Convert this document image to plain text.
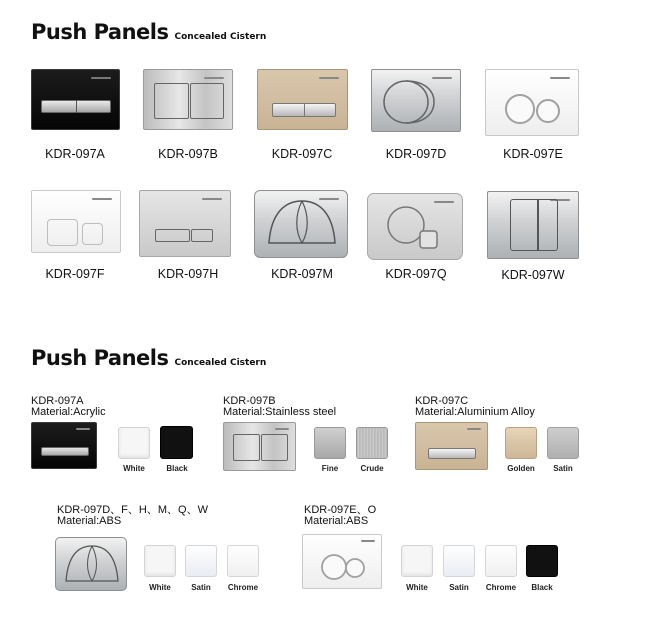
Push Panels Concealed Cistern
KDR-097A	KDR-097B	KDR-097C	KDR-097D	KDR-097E
KDR-097F	KDR-097H	KDR-097M	KDR-097Q	KDR-097W
Push Panels Concealed Cistern
KDR-097A
Material:Acrylic
White	Black
KDR-097B
Material:Stainless steel
Fine	Crude
KDR-097C
Material:Aluminium Alloy
Golden	Satin
KDR-097D、F、H、M、Q、W
Material:ABS
White	Satin	Chrome
KDR-097E、O
Material:ABS
White	Satin	Chrome	Black
